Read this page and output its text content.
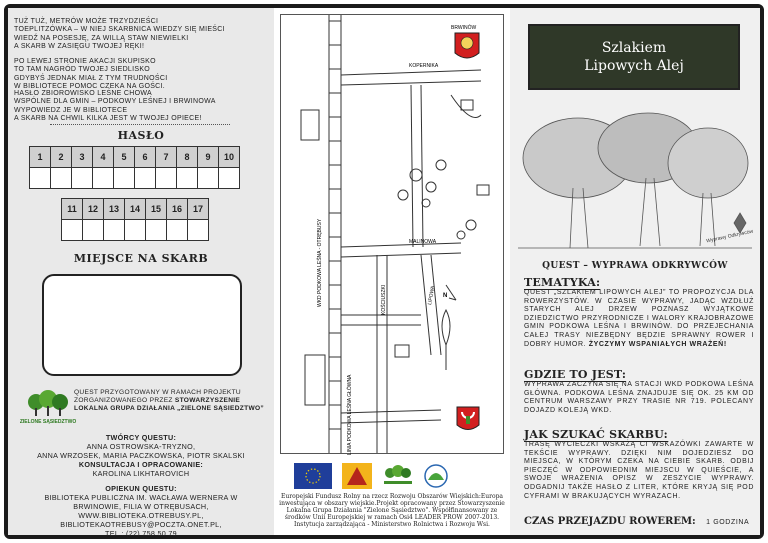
TUŻ TUŻ, METRÓW MOŻE TRZYDZIEŚCI
TOEPLITZÓWKA – W NIEJ SKARBNICA WIEDZY SIĘ MIEŚCI
WIEDŹ NA POSESJĘ, ZA WILLĄ STAW NIEWIELKI
A SKARB W ZASIĘGU TWOJEJ RĘKI!
PO LEWEJ STRONIE AKACJI SKUPISKO
TO TAM NAGRÓD TWOJEJ SIEDLISKO
GDYBYŚ JEDNAK MIAŁ Z TYM TRUDNOŚCI
W BIBLIOTECE POMOC CZEKA NA GOŚCI.
HASŁO ZBIOROWISKO LEŚNE CHOWA
WSPÓLNE DLA GMIN – PODKOWY LEŚNEJ I BRWINOWA
WYPOWIEDZ JE W BIBLIOTECE
A SKARB NA CHWIL KILKA JEST W TWOJEJ OPIECE!
HASŁO
1	2	3	4	5	6	7	8	9	10

11	12	13	14	15	16	17

MIEJSCE NA SKARB
ZIELONE SĄSIEDZTWO
QUEST PRZYGOTOWANY W RAMACH PROJEKTU ZORGANIZOWANEGO PRZEZ STOWARZYSZENIE LOKALNA GRUPA DZIAŁANIA „ZIELONE SĄSIEDZTWO”
TWÓRCY QUESTU:
ANNA OSTROWSKA-TRYZNO,
ANNA WRZOSEK, MARIA PACZKOWSKA, PIOTR SKALSKI
KONSULTACJA I OPRACOWANIE:
KAROLINA LIKHTAROVICH
OPIEKUN QUESTU:
BIBLIOTEKA PUBLICZNA IM. WACŁAWA WERNERA W
BRWINOWIE, FILIA W OTRĘBUSACH,
WWW.BIBLIOTEKA.OTREBUSY.PL,
BIBLIOTEKAOTREBUSY@POCZTA.ONET.PL,
TEL.: (22) 758 50 79
BRWINÓW
WKD PODKOWA LEŚNA - OTRĘBUSY
LINIA PODKOWA LEŚNA GŁÓWNA
KOPERNIKA
MALINOWA
KOŚCIUSZKI	LIPOWA N
Europejski Fundusz Rolny na rzecz Rozwoju Obszarów Wiejskich:Europa inwestująca w obszary wiejskie.Projekt opracowany przez Stowarzyszenie Lokalna Grupa Działania "Zielone Sąsiedztwo". Współfinansowany ze środków Unii Europejskiej w ramach Osi4 LEADER PROW 2007-2013. Instytucja zarządzająca - Ministerstwo Rolnictwa i Rozwoju Wsi.
Szlakiem
Lipowych Alej
Wyprawy Odkrywców
QUEST – WYPRAWA ODKRYWCÓW
TEMATYKA:
QUEST „SZLAKIEM LIPOWYCH ALEJ” TO PROPOZYCJA DLA ROWERZYSTÓW. W CZASIE WYPRAWY, JADĄC WZDŁUŻ STARYCH ALEJ DRZEW POZNASZ WYJĄTKOWE DZIEDZICTWO PRZYRODNICZE I WALORY KRAJOBRAZOWE GMIN PODKOWA LEŚNA I BRWINÓW. DO PRZEJECHANIA CAŁEJ TRASY NIEZBĘDNY BĘDZIE SPRAWNY ROWER I DOBRY HUMOR. ŻYCZYMY WSPANIAŁYCH WRAŻEŃ!
GDZIE TO JEST:
WYPRAWA ZACZYNA SIĘ NA STACJI WKD PODKOWA LEŚNA GŁÓWNA. PODKOWA LEŚNA ZNAJDUJE SIĘ OK. 25 KM OD CENTRUM WARSZAWY PRZY TRASIE NR 719. POLECANY DOJAZD KOLEJĄ WKD.
JAK SZUKAĆ SKARBU:
TRASĘ WYCIECZKI WSKAŻĄ CI WSKAZÓWKI ZAWARTE W TEKŚCIE WYPRAWY. DZIĘKI NIM DOJEDZIESZ DO MIEJSCA, W KTÓRYM CZEKA NA CIEBIE SKARB. ODBIJ PIECZĘĆ W ODPOWIEDNIM MIEJSCU W QUIEŚCIE, A SWOJE WRAŻENIA OPISZ W ZESZYCIE WYPRAWY. ODGADNIJ TAKŻE HASŁO Z LITER, KTÓRE KRYJĄ SIĘ POD CYFRAMI W BRAKUJĄCYCH WYRAZACH.
CZAS PRZEJAZDU ROWEREM: 1 GODZINA
